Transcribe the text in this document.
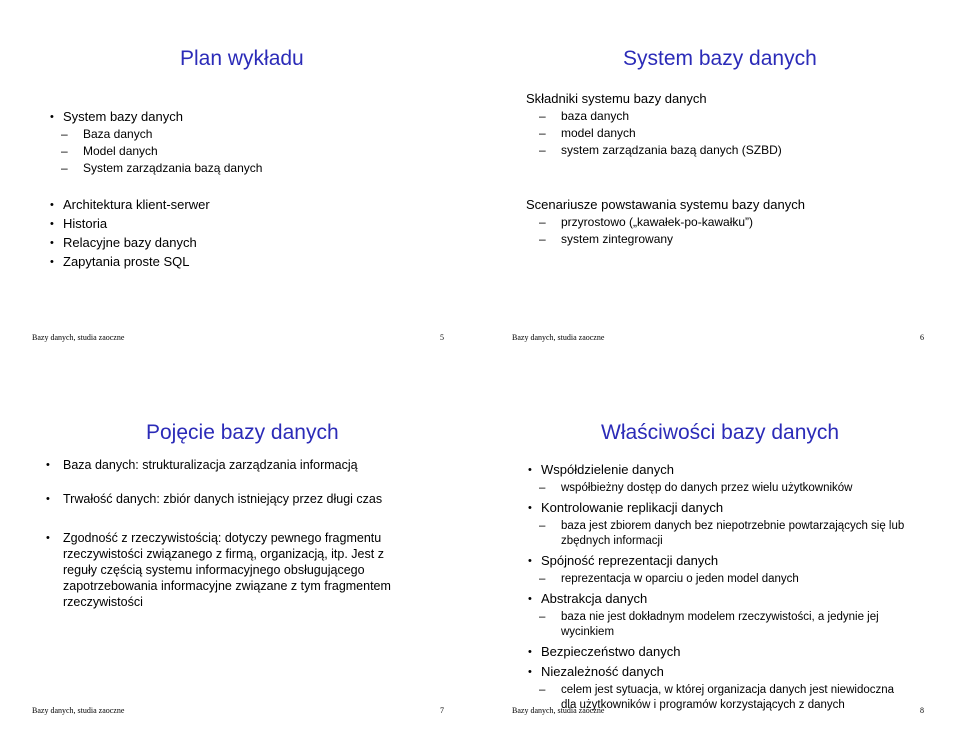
Plan wykładu
• System bazy danych
– Baza danych
– Model danych
– System zarządzania bazą danych
• Architektura klient-serwer
• Historia
• Relacyjne bazy danych
• Zapytania proste SQL
Bazy danych, studia zaoczne	5
System bazy danych
Składniki systemu bazy danych
– baza danych
– model danych
– system zarządzania bazą danych (SZBD)
Scenariusze powstawania systemu bazy danych
– przyrostowo („kawałek-po-kawałku”)
– system zintegrowany
Bazy danych, studia zaoczne	6
Pojęcie bazy danych
• Baza danych: strukturalizacja zarządzania informacją
• Trwałość danych: zbiór danych istniejący przez długi czas
• Zgodność z rzeczywistością: dotyczy pewnego fragmentu
rzeczywistości związanego z firmą, organizacją, itp. Jest z
reguły częścią systemu informacyjnego obsługującego
zapotrzebowania informacyjne związane z tym fragmentem
rzeczywistości
Bazy danych, studia zaoczne	7
Właściwości bazy danych
• Współdzielenie danych
– współbieżny dostęp do danych przez wielu użytkowników
• Kontrolowanie replikacji danych
– baza jest zbiorem danych bez niepotrzebnie powtarzających się lub
zbędnych informacji
• Spójność reprezentacji danych
– reprezentacja w oparciu o jeden model danych
• Abstrakcja danych
– baza nie jest dokładnym modelem rzeczywistości, a jedynie jej
wycinkiem
• Bezpieczeństwo danych
• Niezależność danych
– celem jest sytuacja, w której organizacja danych jest niewidoczna
dla użytkowników i programów korzystających z danych
Bazy danych, studia zaoczne	8
